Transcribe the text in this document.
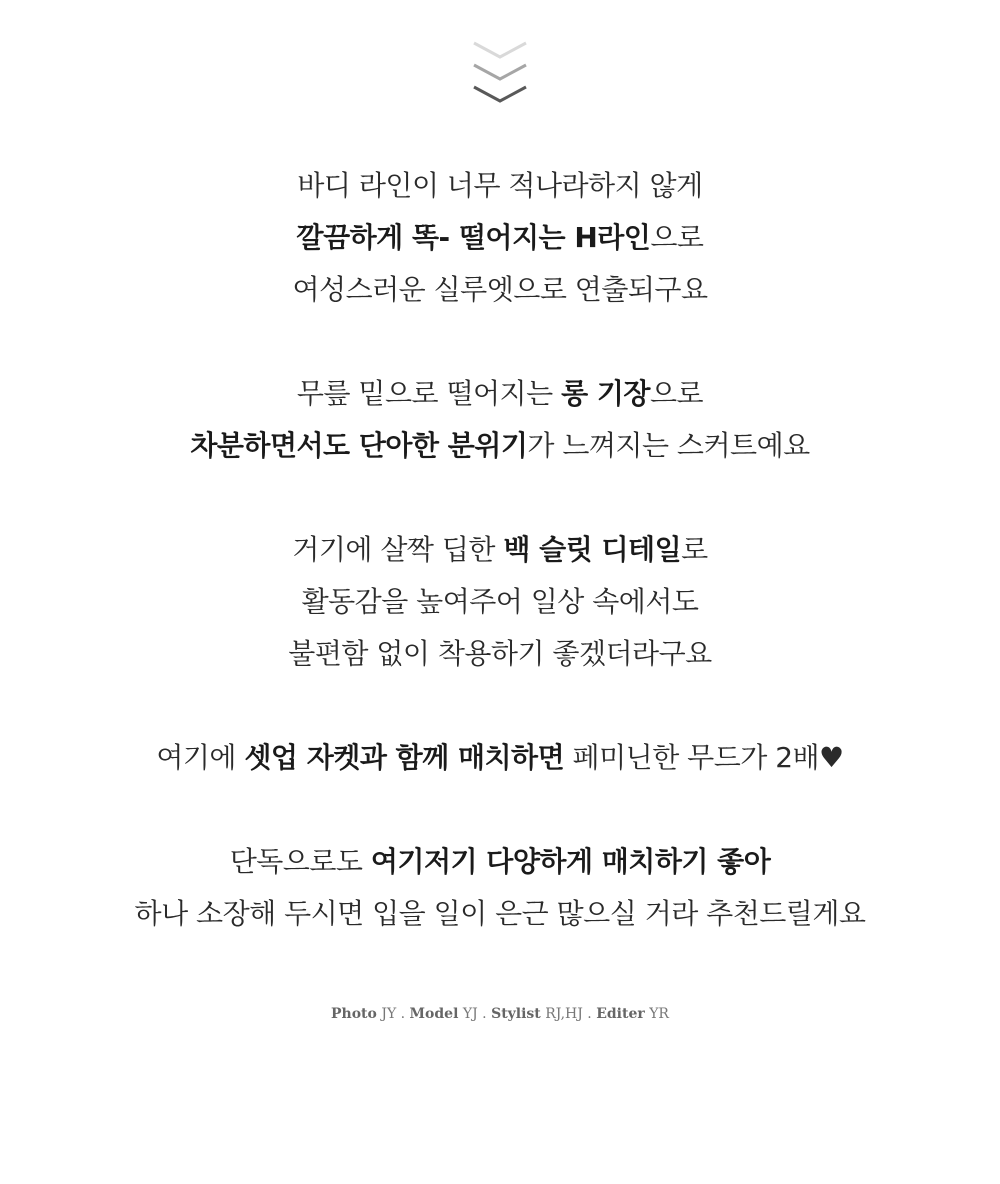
바디 라인이 너무 적나라하지 않게
깔끔하게 똑- 떨어지는 H라인으로
여성스러운 실루엣으로 연출되구요
무릎 밑으로 떨어지는 롱 기장으로
차분하면서도 단아한 분위기가 느껴지는 스커트예요
거기에 살짝 딥한 백 슬릿 디테일로
활동감을 높여주어 일상 속에서도
불편함 없이 착용하기 좋겠더라구요
여기에 셋업 자켓과 함께 매치하면 페미닌한 무드가 2배♥
단독으로도 여기저기 다양하게 매치하기 좋아
하나 소장해 두시면 입을 일이 은근 많으실 거라 추천드릴게요
Photo JY . Model YJ . Stylist RJ,HJ . Editer YR
